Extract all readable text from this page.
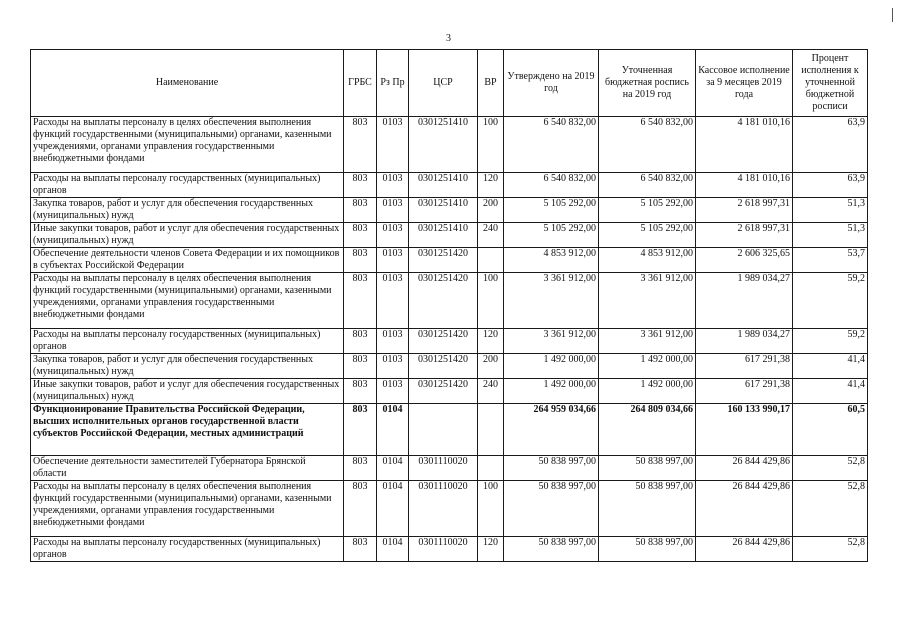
3
Наименование	ГРБС	Рз Пр	ЦСР	ВР	Утверждено на 2019 год	Уточненная бюджетная роспись на 2019 год	Кассовое исполнение за 9 месяцев 2019 года	Процент исполнения к уточненной бюджетной росписи
Расходы на выплаты персоналу в целях обеспечения выполнения функций государственными (муниципальными) органами, казенными учреждениями, органами управления государственными внебюджетными фондами	803	0103	0301251410	100	6 540 832,00	6 540 832,00	4 181 010,16	63,9
Расходы на выплаты персоналу государственных (муниципальных) органов	803	0103	0301251410	120	6 540 832,00	6 540 832,00	4 181 010,16	63,9
Закупка товаров, работ и услуг для обеспечения государственных (муниципальных) нужд	803	0103	0301251410	200	5 105 292,00	5 105 292,00	2 618 997,31	51,3
Иные закупки товаров, работ и услуг для обеспечения государственных (муниципальных) нужд	803	0103	0301251410	240	5 105 292,00	5 105 292,00	2 618 997,31	51,3
Обеспечение деятельности членов Совета Федерации и их помощников в субъектах Российской Федерации	803	0103	0301251420		4 853 912,00	4 853 912,00	2 606 325,65	53,7
Расходы на выплаты персоналу в целях обеспечения выполнения функций государственными (муниципальными) органами, казенными учреждениями, органами управления государственными внебюджетными фондами	803	0103	0301251420	100	3 361 912,00	3 361 912,00	1 989 034,27	59,2
Расходы на выплаты персоналу государственных (муниципальных) органов	803	0103	0301251420	120	3 361 912,00	3 361 912,00	1 989 034,27	59,2
Закупка товаров, работ и услуг для обеспечения государственных (муниципальных) нужд	803	0103	0301251420	200	1 492 000,00	1 492 000,00	617 291,38	41,4
Иные закупки товаров, работ и услуг для обеспечения государственных (муниципальных) нужд	803	0103	0301251420	240	1 492 000,00	1 492 000,00	617 291,38	41,4
Функционирование Правительства Российской Федерации, высших исполнительных органов государственной власти субъектов Российской Федерации, местных администраций	803	0104			264 959 034,66	264 809 034,66	160 133 990,17	60,5
Обеспечение деятельности заместителей Губернатора Брянской области	803	0104	0301110020		50 838 997,00	50 838 997,00	26 844 429,86	52,8
Расходы на выплаты персоналу в целях обеспечения выполнения функций государственными (муниципальными) органами, казенными учреждениями, органами управления государственными внебюджетными фондами	803	0104	0301110020	100	50 838 997,00	50 838 997,00	26 844 429,86	52,8
Расходы на выплаты персоналу государственных (муниципальных) органов	803	0104	0301110020	120	50 838 997,00	50 838 997,00	26 844 429,86	52,8
